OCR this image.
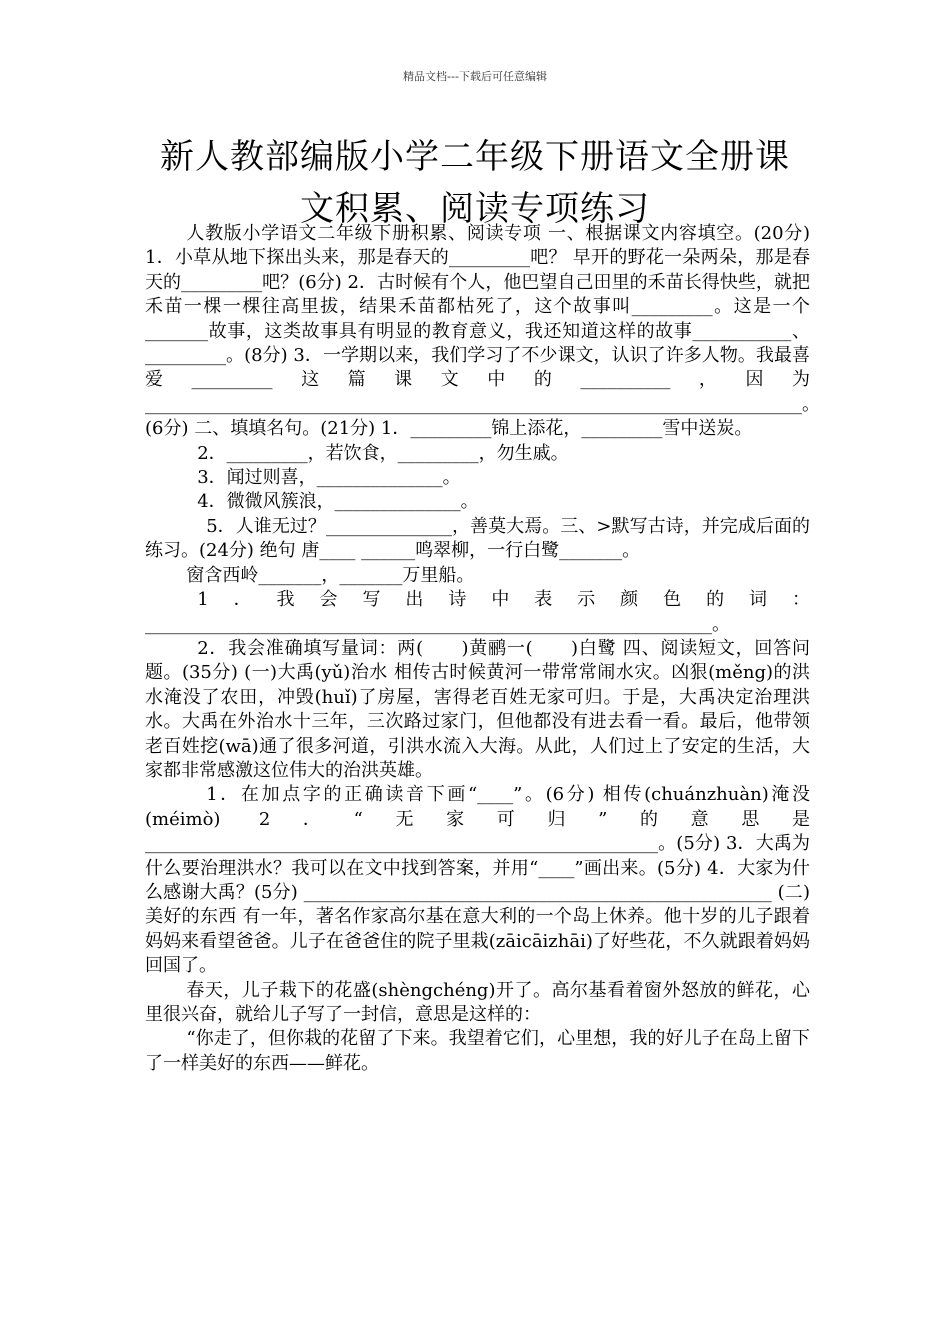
精品文档---下载后可任意编辑
新人教部编版小学二年级下册语文全册课
文积累、阅读专项练习

人教版小学语文二年级下册积累、阅读专项 一、根据课文内容填空。(20分) 1．小草从地下探出头来，那是春天的_________吧？ 早开的野花一朵两朵，那是春天的_________吧？(6分) 2．古时候有个人，他巴望自己田里的禾苗长得快些，就把禾苗一棵一棵往高里拔，结果禾苗都枯死了，这个故事叫_________。这是一个_______故事，这类故事具有明显的教育意义，我还知道这样的故事___________、_________。(8分) 3．一学期以来，我们学习了不少课文，认识了许多人物。我最喜爱_________这篇课文中的__________，因为_________________________________________________________________________。(6分) 二、填填名句。(21分) 1．_________锦上添花，_________雪中送炭。

2．_________，若饮食，_________，勿生戚。

3．闻过则喜，______________。

4．微微风簇浪，______________。

5．人谁无过？______________，善莫大焉。三、>默写古诗，并完成后面的练习。(24分) 绝句 唐____ ______鸣翠柳，一行白鹭_______。

窗含西岭_______，_______万里船。

1．我会写出诗中表示颜色的词：_______________________________________________________________。

2．我会准确填写量词：两(　　)黄鹂一(　　)白鹭 四、阅读短文，回答问题。(35分) (一)大禹(yǔ)治水 相传古时候黄河一带常常闹水灾。凶狠(měng)的洪水淹没了农田，冲毁(huǐ)了房屋，害得老百姓无家可归。于是，大禹决定治理洪水。大禹在外治水十三年，三次路过家门，但他都没有进去看一看。最后，他带领老百姓挖(wā)通了很多河道，引洪水流入大海。从此，人们过上了安定的生活，大家都非常感激这位伟大的治洪英雄。

1．在加点字的正确读音下画“____”。(6分) 相传(chuánzhuàn)淹没(méimò) 2．“无家可归”的意思是_________________________________________________________。(5分) 3．大禹为什么要治理洪水？我可以在文中找到答案，并用“____”画出来。(5分) 4．大家为什么感谢大禹？(5分) ____________________________________________________ (二)美好的东西 有一年，著名作家高尔基在意大利的一个岛上休养。他十岁的儿子跟着妈妈来看望爸爸。儿子在爸爸住的院子里栽(zāicāizhāi)了好些花，不久就跟着妈妈回国了。

春天，儿子栽下的花盛(shèngchéng)开了。高尔基看着窗外怒放的鲜花，心里很兴奋，就给儿子写了一封信，意思是这样的：

“你走了，但你栽的花留了下来。我望着它们，心里想，我的好儿子在岛上留下了一样美好的东西——鲜花。
